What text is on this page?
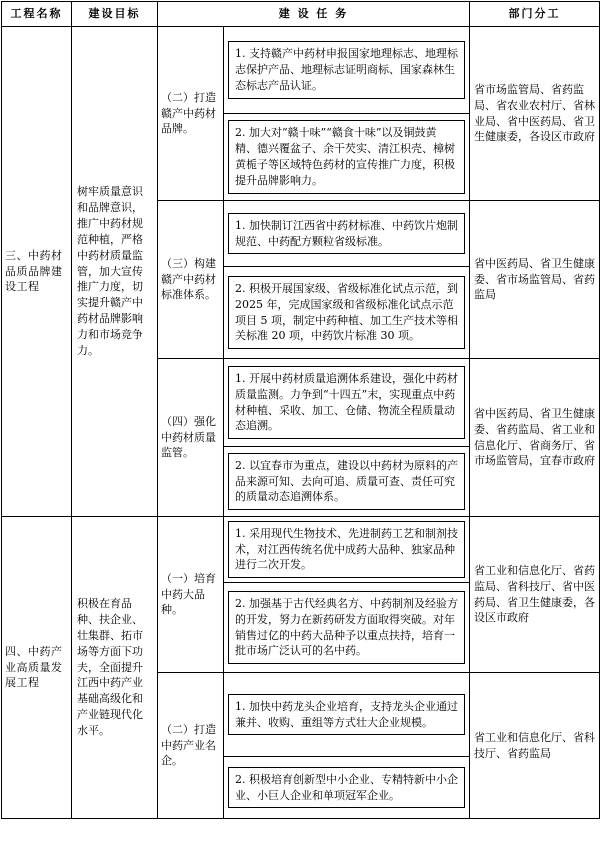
工程名称	建设目标	建 设 任 务		部门分工
三、中药材品质品牌建设工程	树牢质量意识和品牌意识，推广中药材规范种植，严格中药材质量监管，加大宣传推广力度，切实提升赣产中药材品牌影响力和市场竞争力。	（二）打造赣产中药材品牌。	1. 支持赣产中药材申报国家地理标志、地理标志保护产品、地理标志证明商标、国家森林生态标志产品认证。	省市场监管局、省药监局、省农业农村厅、省林业局、省中医药局、省卫生健康委，各设区市政府

			2. 加大对“赣十味”“赣食十味”以及铜鼓黄精、德兴覆盆子、余干芡实、清江枳壳、樟树黄栀子等区域特色药材的宣传推广力度，积极提升品牌影响力。	

		（三）构建赣产中药材标准体系。	1. 加快制订江西省中药材标准、中药饮片炮制规范、中药配方颗粒省级标准。	省中医药局、省卫生健康委、省市场监管局、省药监局

			2. 积极开展国家级、省级标准化试点示范，到 2025 年，完成国家级和省级标准化试点示范项目 5 项，制定中药种植、加工生产技术等相关标准 20 项，中药饮片标准 30 项。	

		（四）强化中药材质量监管。	1. 开展中药材质量追溯体系建设，强化中药材质量监测。力争到“十四五”末，实现重点中药材种植、采收、加工、仓储、物流全程质量动态追溯。	省中医药局、省卫生健康委、省药监局、省工业和信息化厅、省商务厅、省市场监管局，宜春市政府

			2. 以宜春市为重点，建设以中药材为原料的产品来源可知、去向可追、质量可查、责任可究的质量动态追溯体系。	

四、中药产业高质量发展工程	积极在育品种、扶企业、壮集群、拓市场等方面下功夫，全面提升江西中药产业基础高级化和产业链现代化水平。	（一）培育中药大品种。	1. 采用现代生物技术、先进制药工艺和制剂技术，对江西传统名优中成药大品种、独家品种进行二次开发。	省工业和信息化厅、省药监局、省科技厅、省中医药局、省卫生健康委，各设区市政府

			2. 加强基于古代经典名方、中药制剂及经验方的开发，努力在新药研发方面取得突破。对年销售过亿的中药大品种予以重点扶持，培育一批市场广泛认可的名中药。	

		（二）打造中药产业名企。	1. 加快中药龙头企业培育，支持龙头企业通过兼并、收购、重组等方式壮大企业规模。	省工业和信息化厅、省科技厅、省药监局

			2. 积极培育创新型中小企业、专精特新中小企业、小巨人企业和单项冠军企业。	
